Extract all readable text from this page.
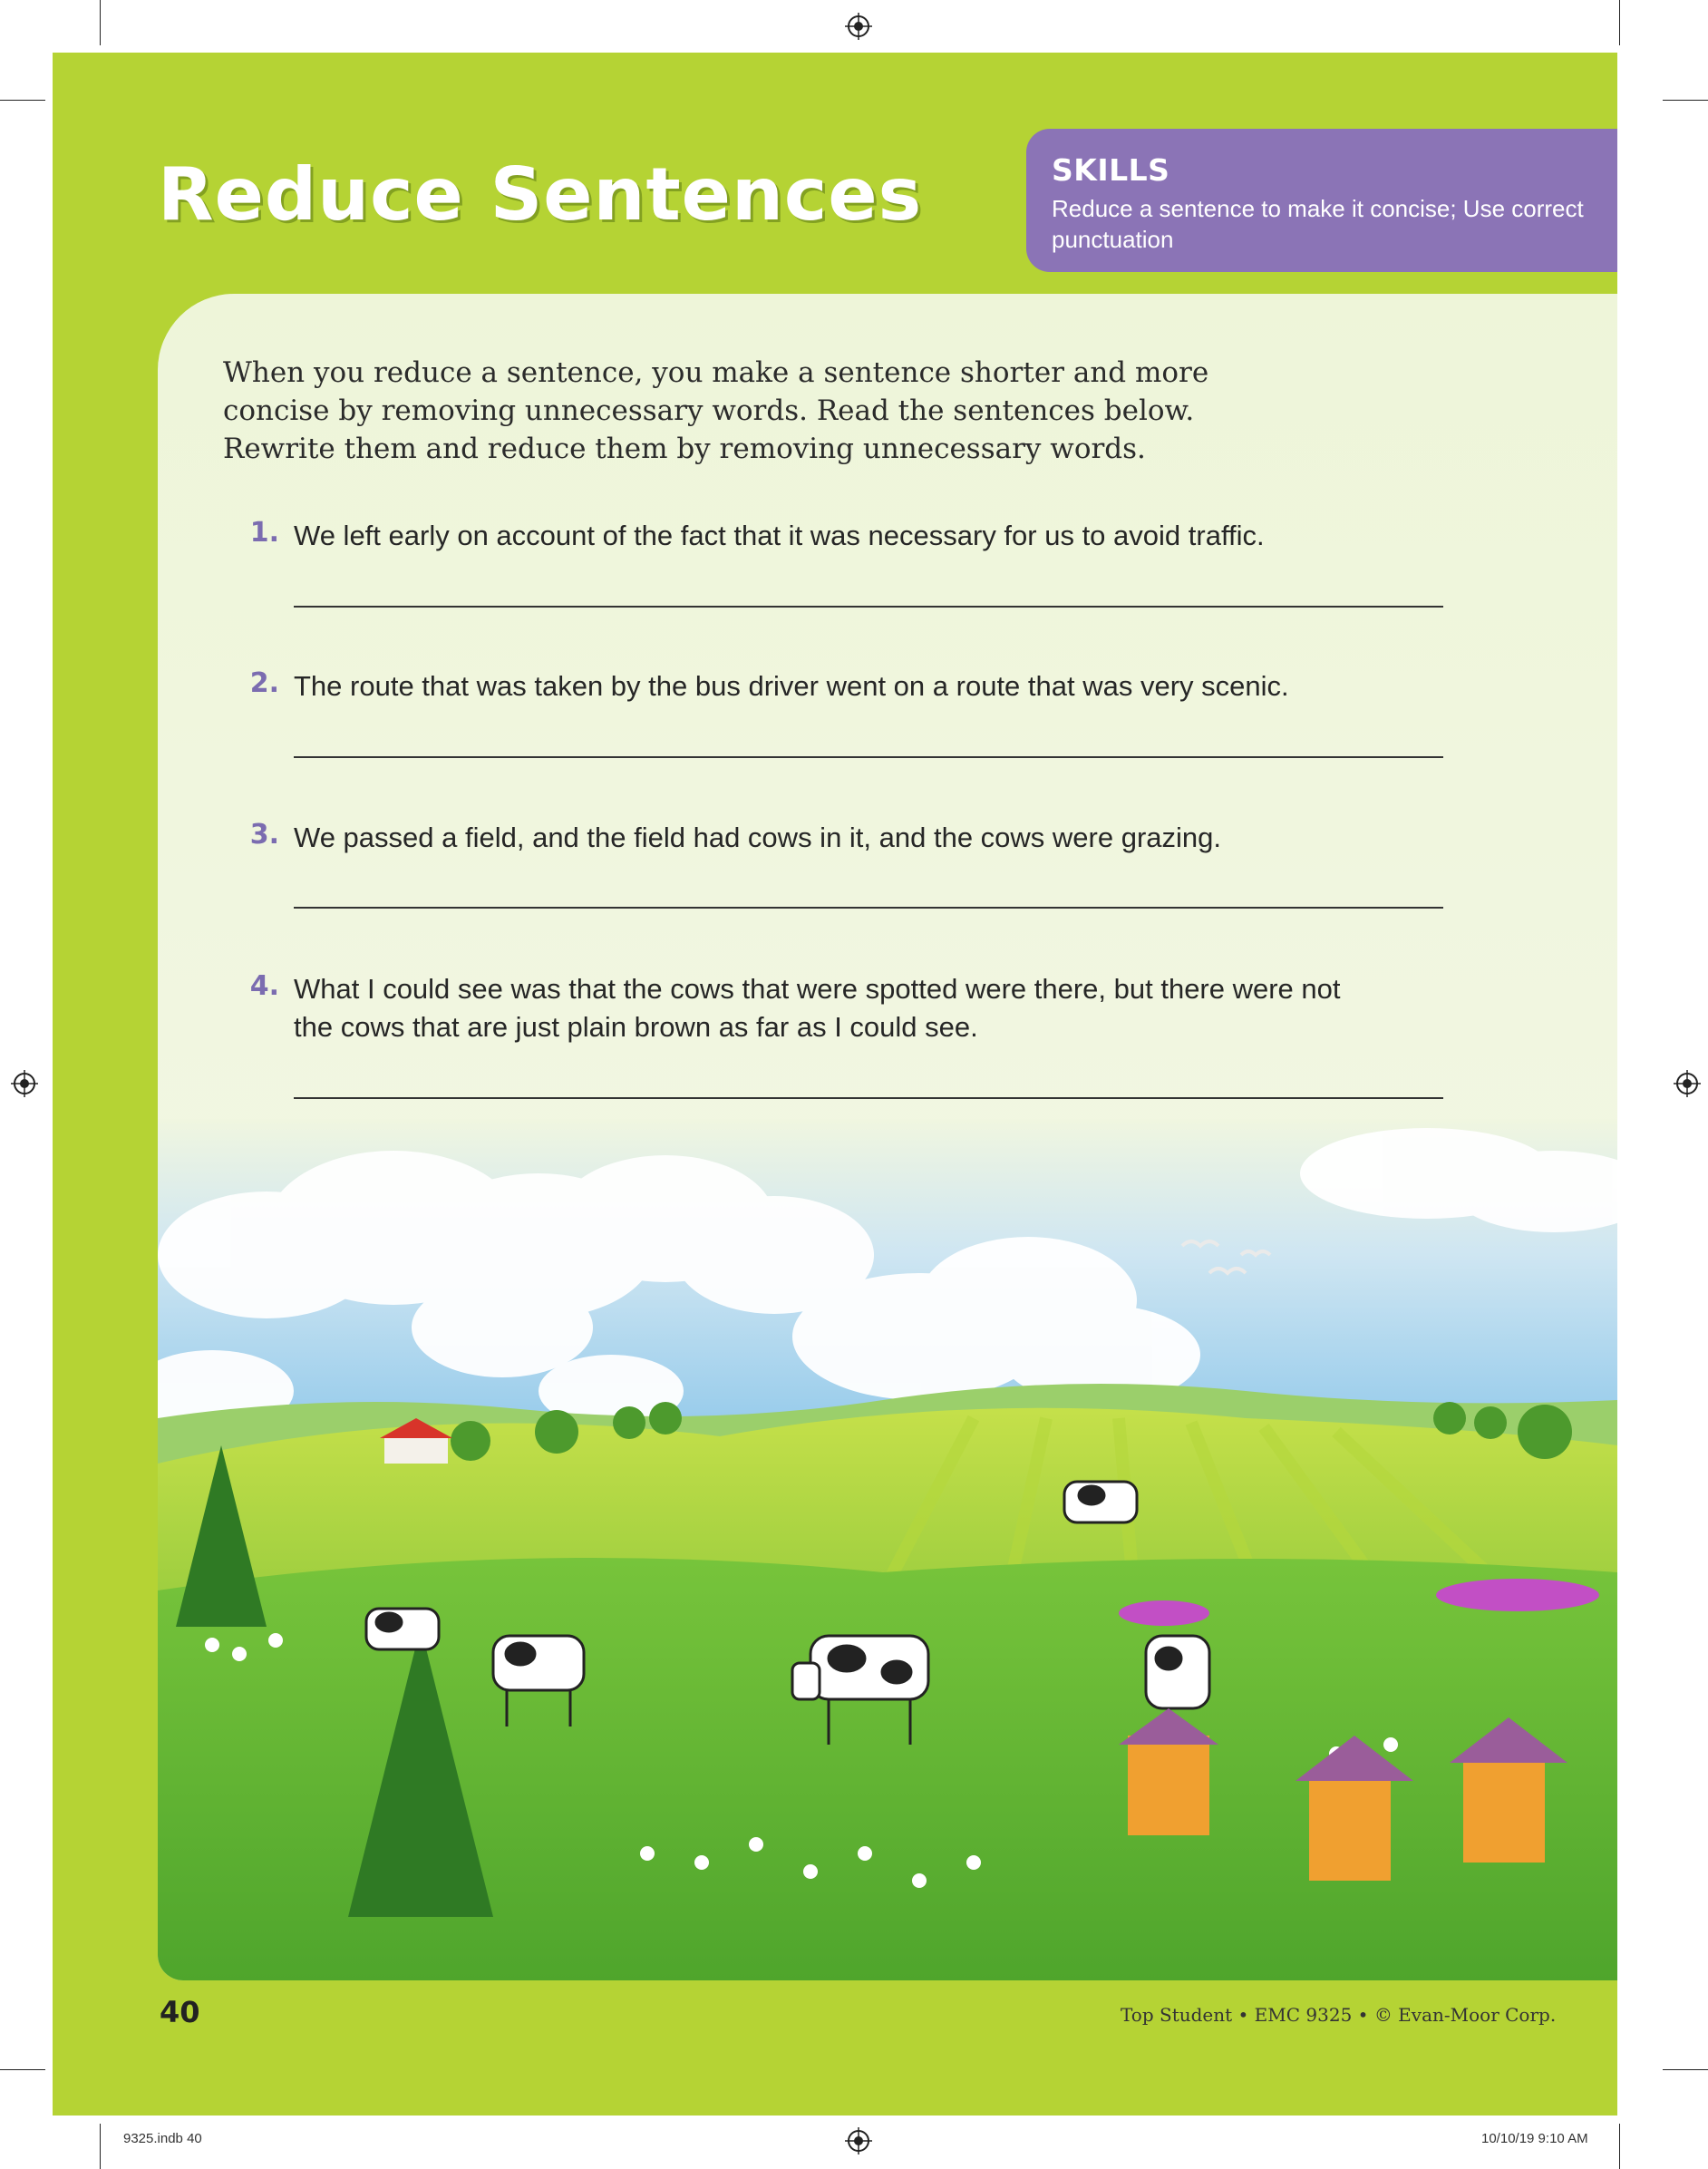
Reduce Sentences	SKILLS
Reduce a sentence to make it concise; Use correct punctuation

When you reduce a sentence, you make a sentence shorter and more concise by removing unnecessary words. Read the sentences below. Rewrite them and reduce them by removing unnecessary words.

1. We left early on account of the fact that it was necessary for us to avoid traffic.
2. The route that was taken by the bus driver went on a route that was very scenic.
3. We passed a field, and the field had cows in it, and the cows were grazing.
4. What I could see was that the cows that were spotted were there, but there were not the cows that are just plain brown as far as I could see.
40	Top Student • EMC 9325 • © Evan-Moor Corp.
9325.indb 40	10/10/19 9:10 AM
